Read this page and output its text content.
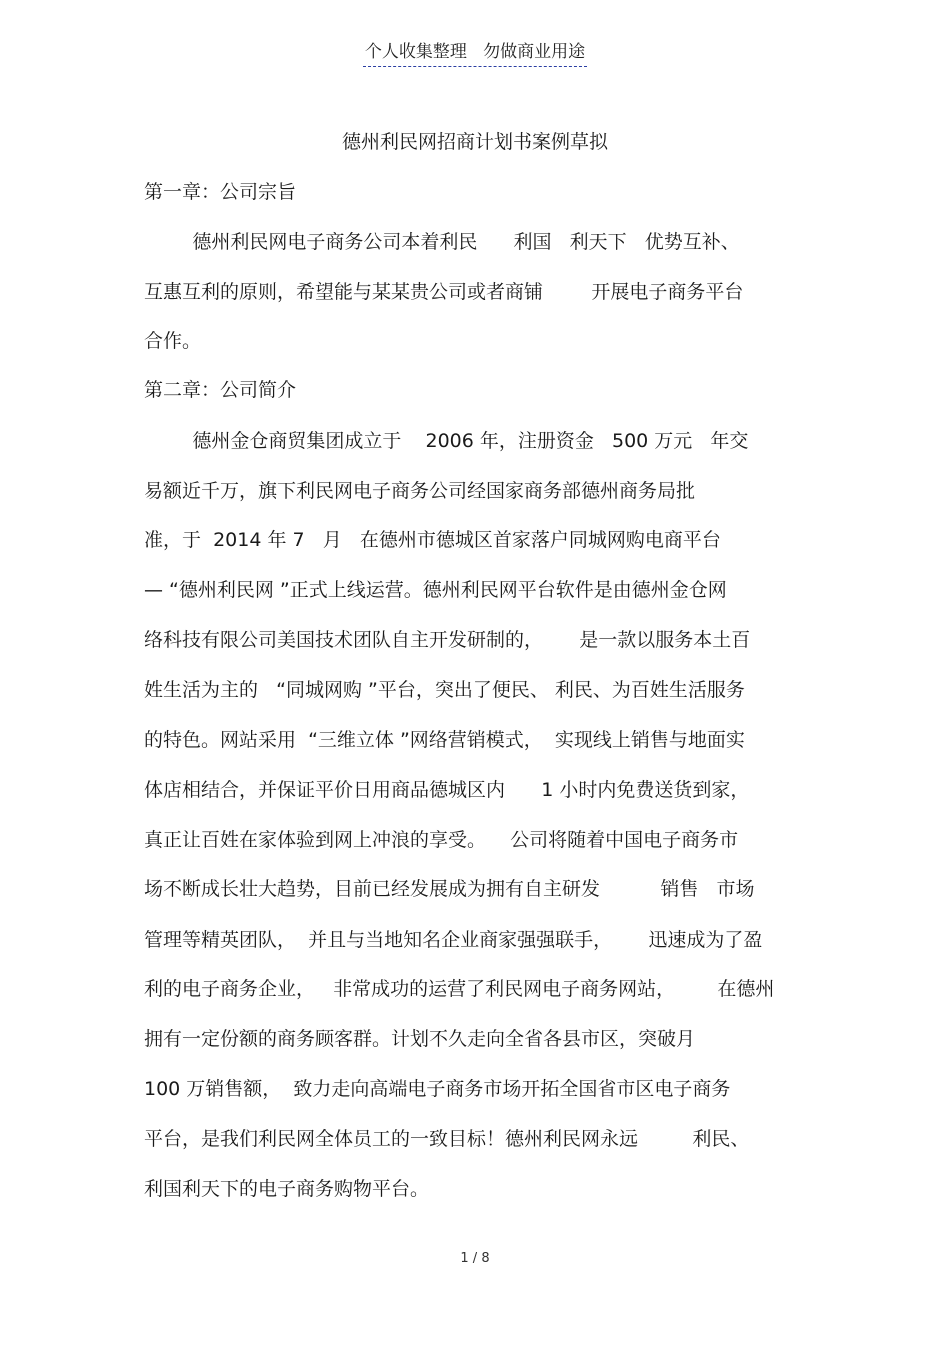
个人收集整理   勿做商业用途
德州利民网招商计划书案例草拟
第一章：公司宗旨
德州利民网电子商务公司本着利民      利国   利天下   优势互补、
互惠互利的原则，希望能与某某贵公司或者商铺        开展电子商务平台
合作。
第二章：公司简介
德州金仓商贸集团成立于    2006 年，注册资金   500 万元   年交
易额近千万，旗下利民网电子商务公司经国家商务部德州商务局批
准，于  2014 年 7   月   在德州市德城区首家落户同城网购电商平台
— “德州利民网 ”正式上线运营。德州利民网平台软件是由德州金仓网
络科技有限公司美国技术团队自主开发研制的，      是一款以服务本土百
姓生活为主的   “同城网购 ”平台，突出了便民、 利民、为百姓生活服务
的特色。网站采用  “三维立体 ”网络营销模式，  实现线上销售与地面实
体店相结合，并保证平价日用商品德城区内      1 小时内免费送货到家，
真正让百姓在家体验到网上冲浪的享受。    公司将随着中国电子商务市
场不断成长壮大趋势，目前已经发展成为拥有自主研发          销售   市场
管理等精英团队，  并且与当地知名企业商家强强联手，      迅速成为了盈
利的电子商务企业，   非常成功的运营了利民网电子商务网站，       在德州
拥有一定份额的商务顾客群。计划不久走向全省各县市区，突破月
100 万销售额，  致力走向高端电子商务市场开拓全国省市区电子商务
平台，是我们利民网全体员工的一致目标！德州利民网永远         利民、
利国利天下的电子商务购物平台。
1 / 8
